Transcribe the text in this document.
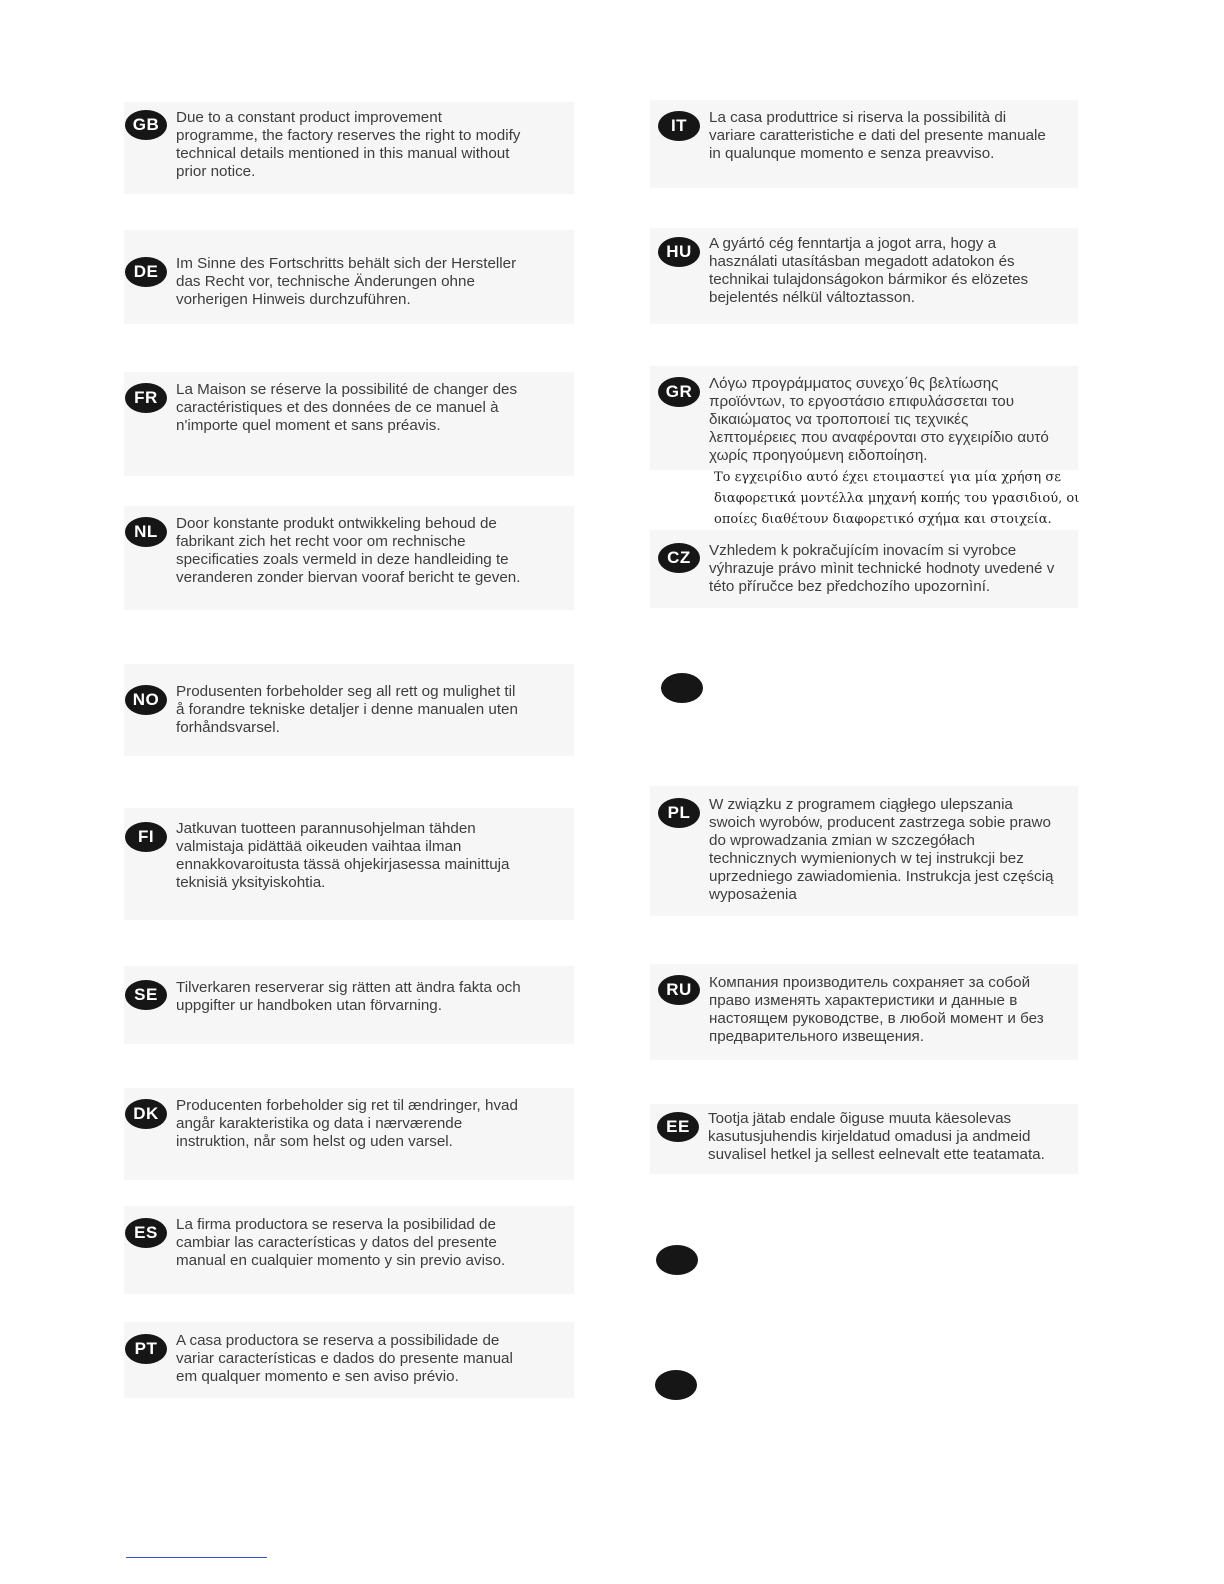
GB	Due to a constant product improvement
programme, the factory reserves the right to modify
technical details mentioned in this manual without
prior notice.
DE	Im Sinne des Fortschritts behält sich der Hersteller
das Recht vor, technische Änderungen ohne
vorherigen Hinweis durchzuführen.
FR	La Maison se réserve la possibilité de changer des
caractéristiques et des données de ce manuel à
n'importe quel moment et sans préavis.
NL	Door konstante produkt ontwikkeling behoud de
fabrikant zich het recht voor om rechnische
specificaties zoals vermeld in deze handleiding te
veranderen zonder biervan vooraf bericht te geven.
NO	Produsenten forbeholder seg all rett og mulighet til
å forandre tekniske detaljer i denne manualen uten
forhåndsvarsel.
FI	Jatkuvan tuotteen parannusohjelman tähden
valmistaja pidättää oikeuden vaihtaa ilman
ennakkovaroitusta tässä ohjekirjasessa mainittuja
teknisiä yksityiskohtia.
SE	Tilverkaren reserverar sig rätten att ändra fakta och
uppgifter ur handboken utan förvarning.
DK	Producenten forbeholder sig ret til ændringer, hvad
angår karakteristika og data i nærværende
instruktion, når som helst og uden varsel.
ES	La firma productora se reserva la posibilidad de
cambiar las características y datos del presente
manual en cualquier momento y sin previo aviso.
PT	A casa productora se reserva a possibilidade de
variar características e dados do presente manual
em qualquer momento e sen aviso prévio.
IT	La casa produttrice si riserva la possibilità di
variare caratteristiche e dati del presente manuale
in qualunque momento e senza preavviso.
HU	A gyártó cég fenntartja a jogot arra, hogy a
használati utasításban megadott adatokon és
technikai tulajdonságokon bármikor és elözetes
bejelentés nélkül változtasson.
GR	Λόγω προγράμματος συνεχο΄θς βελτίωσης
προϊόντων, το εργοστάσιο επιφυλάσσεται του
δικαιώματος να τροποποιεί τις τεχνικές
λεπτομέρειες που αναφέρονται στο εγχειρίδιο αυτό
χωρίς προηγούμενη ειδοποίηση.
Το εγχειρίδιο αυτό έχει ετοιμαστεί για μία χρήση σε
διαφορετικά μοντέλλα μηχανή κοπής του γρασιδιού, οι
οποίες διαθέτουν διαφορετικό σχήμα και στοιχεία.
CZ	Vzhledem k pokračujícím inovacím si vyrobce
výhrazuje právo mìnit technické hodnoty uvedené v
této příručce bez předchozího upozornìní.
PL	W związku z programem ciągłego ulepszania
swoich wyrobów, producent zastrzega sobie prawo
do wprowadzania zmian w szczegółach
technicznych wymienionych w tej instrukcji bez
uprzedniego zawiadomienia. Instrukcja jest częścią
wyposażenia
RU	Компания производитель сохраняет за собой
право изменять характеристики и данные в
настоящем руководстве, в любой момент и без
предварительного извещения.
EE	Tootja jätab endale õiguse muuta käesolevas
kasutusjuhendis kirjeldatud omadusi ja andmeid
suvalisel hetkel ja sellest eelnevalt ette teatamata.
